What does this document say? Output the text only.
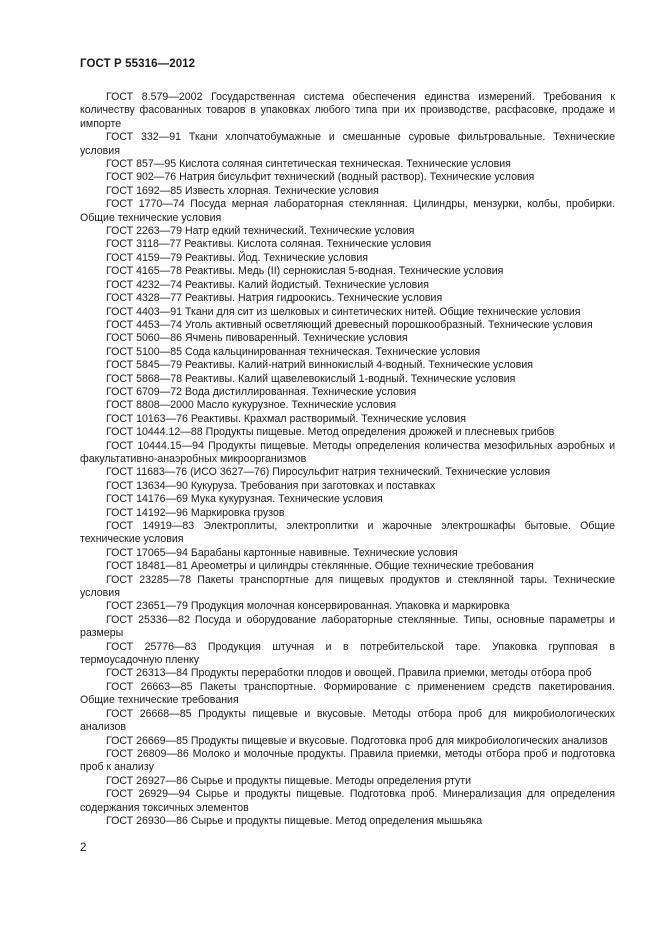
ГОСТ Р 55316—2012

ГОСТ 8.579—2002 Государственная система обеспечения единства измерений. Требования к количеству фасованных товаров в упаковках любого типа при их производстве, расфасовке, продаже и импорте

ГОСТ 332—91 Ткани хлопчатобумажные и смешанные суровые фильтровальные. Технические условия

ГОСТ 857—95 Кислота соляная синтетическая техническая. Технические условия

ГОСТ 902—76 Натрия бисульфит технический (водный раствор). Технические условия

ГОСТ 1692—85 Известь хлорная. Технические условия

ГОСТ 1770—74 Посуда мерная лабораторная стеклянная. Цилиндры, мензурки, колбы, пробирки. Общие технические условия

ГОСТ 2263—79 Натр едкий технический. Технические условия

ГОСТ 3118—77 Реактивы. Кислота соляная. Технические условия

ГОСТ 4159—79 Реактивы. Йод. Технические условия

ГОСТ 4165—78 Реактивы. Медь (II) сернокислая 5-водная. Технические условия

ГОСТ 4232—74 Реактивы. Калий йодистый. Технические условия

ГОСТ 4328—77 Реактивы. Натрия гидроокись. Технические условия

ГОСТ 4403—91 Ткани для сит из шелковых и синтетических нитей. Общие технические условия

ГОСТ 4453—74 Уголь активный осветляющий древесный порошкообразный. Технические условия

ГОСТ 5060—86 Ячмень пивоваренный. Технические условия

ГОСТ 5100—85 Сода кальцинированная техническая. Технические условия

ГОСТ 5845—79 Реактивы. Калий-натрий виннокислый 4-водный. Технические условия

ГОСТ 5868—78 Реактивы. Калий щавелевокислый 1-водный. Технические условия

ГОСТ 6709—72 Вода дистиллированная. Технические условия

ГОСТ 8808—2000 Масло кукурузное. Технические условия

ГОСТ 10163—76 Реактивы. Крахмал растворимый. Технические условия

ГОСТ 10444.12—88 Продукты пищевые. Метод определения дрожжей и плесневых грибов

ГОСТ 10444.15—94 Продукты пищевые. Методы определения количества мезофильных аэробных и факультативно-анаэробных микроорганизмов

ГОСТ 11683—76 (ИСО 3627—76) Пиросульфит натрия технический. Технические условия

ГОСТ 13634—90 Кукуруза. Требования при заготовках и поставках

ГОСТ 14176—69 Мука кукурузная. Технические условия

ГОСТ 14192—96 Маркировка грузов

ГОСТ 14919—83 Электроплиты, электроплитки и жарочные электрошкафы бытовые. Общие технические условия

ГОСТ 17065—94 Барабаны картонные навивные. Технические условия

ГОСТ 18481—81 Ареометры и цилиндры стеклянные. Общие технические требования

ГОСТ 23285—78 Пакеты транспортные для пищевых продуктов и стеклянной тары. Технические условия

ГОСТ 23651—79 Продукция молочная консервированная. Упаковка и маркировка

ГОСТ 25336—82 Посуда и оборудование лабораторные стеклянные. Типы, основные параметры и размеры

ГОСТ 25776—83 Продукция штучная и в потребительской таре. Упаковка групповая в термоусадочную пленку

ГОСТ 26313—84 Продукты переработки плодов и овощей. Правила приемки, методы отбора проб

ГОСТ 26663—85 Пакеты транспортные. Формирование с применением средств пакетирования. Общие технические требования

ГОСТ 26668—85 Продукты пищевые и вкусовые. Методы отбора проб для микробиологических анализов

ГОСТ 26669—85 Продукты пищевые и вкусовые. Подготовка проб для микробиологических анализов

ГОСТ 26809—86 Молоко и молочные продукты. Правила приемки, методы отбора проб и подготовка проб к анализу

ГОСТ 26927—86 Сырье и продукты пищевые. Методы определения ртути

ГОСТ 26929—94 Сырье и продукты пищевые. Подготовка проб. Минерализация для определения содержания токсичных элементов

ГОСТ 26930—86 Сырье и продукты пищевые. Метод определения мышьяка

2
